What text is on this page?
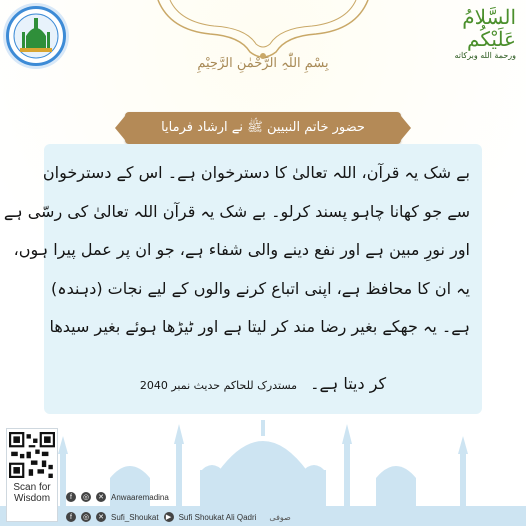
السَّلامُ
عَلَيْكُم
ورحمة الله وبركاته
بِسْمِ اللّٰہِ الرَّحْمٰنِ الرَّحِیْمِ
حضور خاتم النبیین ﷺ نے ارشاد فرمایا
بے شک یہ قرآن، اللہ تعالیٰ کا دسترخوان ہے۔ اس کے دسترخوان
سے جو کھانا چاہو پسند کرلو۔ بے شک یہ قرآن اللہ تعالیٰ کی رسّی ہے
اور نورِ مبین ہے اور نفع دینے والی شفاء ہے، جو ان پر عمل پیرا ہوں،
یہ ان کا محافظ ہے، اپنی اتباع کرنے والوں کے لیے نجات (دہندہ)
ہے۔ یہ جھکے بغیر رضا مند کر لیتا ہے اور ٹیڑھا ہوئے بغیر سیدھا
کر دیتا ہے۔ مستدرک للحاکم حدیث نمبر 2040
Scan for
Wisdom	f	◎ ✕ Anwaaremadina
f	◎ ✕ Sufi_Shoukat	▶ Sufi Shoukat Ali Qadri صوفی
